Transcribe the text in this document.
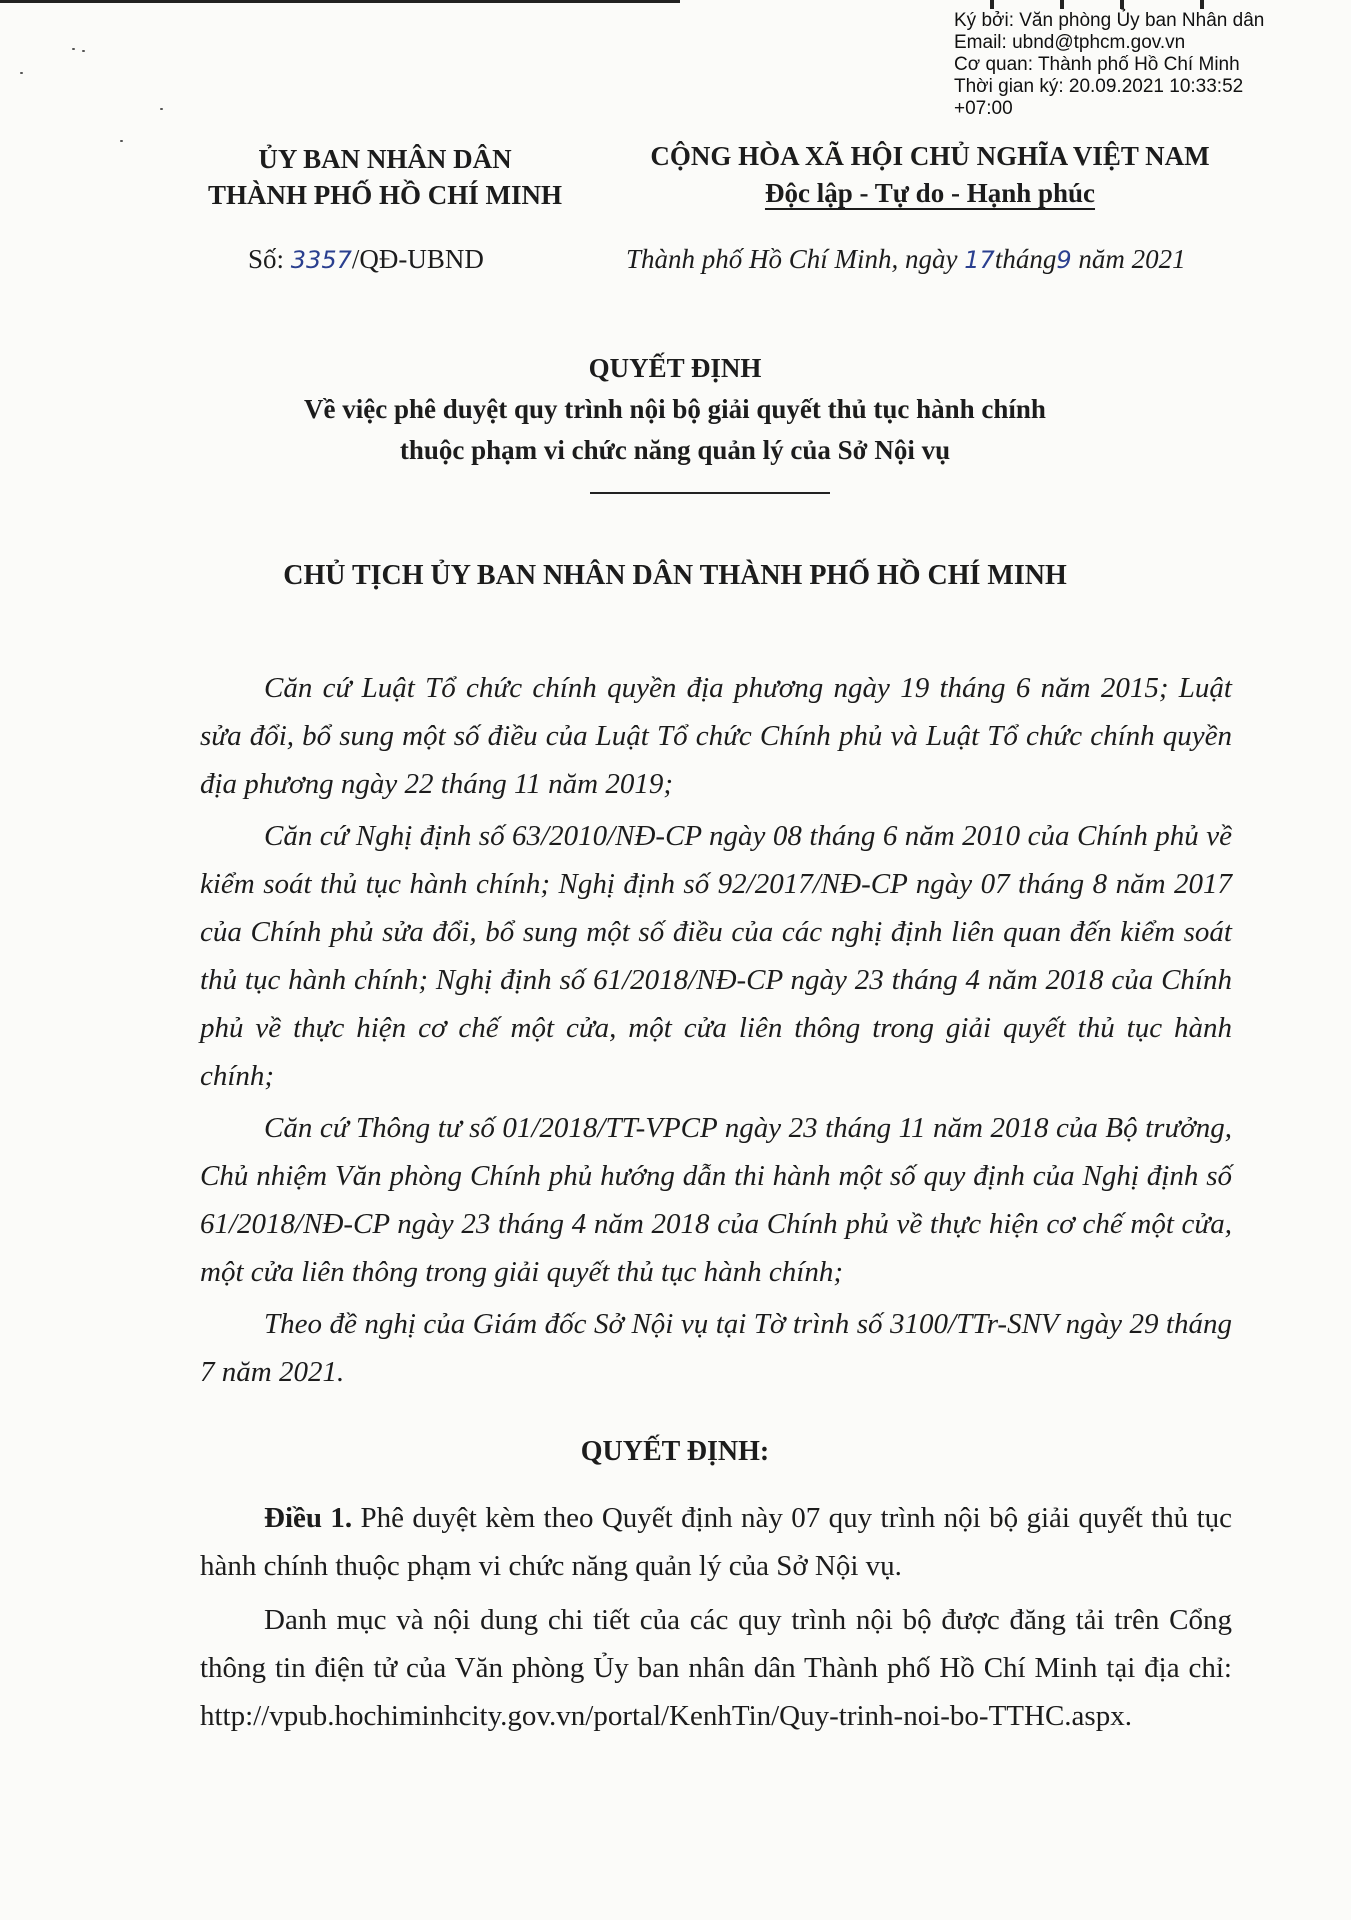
Ký bởi: Văn phòng Ủy ban Nhân dân
Email: ubnd@tphcm.gov.vn
Cơ quan: Thành phố Hồ Chí Minh
Thời gian ký: 20.09.2021 10:33:52
+07:00
ỦY BAN NHÂN DÂN
THÀNH PHỐ HỒ CHÍ MINH
CỘNG HÒA XÃ HỘI CHỦ NGHĨA VIỆT NAM
Độc lập - Tự do - Hạnh phúc
Số: 3357/QĐ-UBND	Thành phố Hồ Chí Minh, ngày 17tháng9 năm 2021
QUYẾT ĐỊNH
Về việc phê duyệt quy trình nội bộ giải quyết thủ tục hành chính
thuộc phạm vi chức năng quản lý của Sở Nội vụ
CHỦ TỊCH ỦY BAN NHÂN DÂN THÀNH PHỐ HỒ CHÍ MINH

Căn cứ Luật Tổ chức chính quyền địa phương ngày 19 tháng 6 năm 2015; Luật sửa đổi, bổ sung một số điều của Luật Tổ chức Chính phủ và Luật Tổ chức chính quyền địa phương ngày 22 tháng 11 năm 2019;

Căn cứ Nghị định số 63/2010/NĐ-CP ngày 08 tháng 6 năm 2010 của Chính phủ về kiểm soát thủ tục hành chính; Nghị định số 92/2017/NĐ-CP ngày 07 tháng 8 năm 2017 của Chính phủ sửa đổi, bổ sung một số điều của các nghị định liên quan đến kiểm soát thủ tục hành chính; Nghị định số 61/2018/NĐ-CP ngày 23 tháng 4 năm 2018 của Chính phủ về thực hiện cơ chế một cửa, một cửa liên thông trong giải quyết thủ tục hành chính;

Căn cứ Thông tư số 01/2018/TT-VPCP ngày 23 tháng 11 năm 2018 của Bộ trưởng, Chủ nhiệm Văn phòng Chính phủ hướng dẫn thi hành một số quy định của Nghị định số 61/2018/NĐ-CP ngày 23 tháng 4 năm 2018 của Chính phủ về thực hiện cơ chế một cửa, một cửa liên thông trong giải quyết thủ tục hành chính;

Theo đề nghị của Giám đốc Sở Nội vụ tại Tờ trình số 3100/TTr-SNV ngày 29 tháng 7 năm 2021.

QUYẾT ĐỊNH:

Điều 1. Phê duyệt kèm theo Quyết định này 07 quy trình nội bộ giải quyết thủ tục hành chính thuộc phạm vi chức năng quản lý của Sở Nội vụ.

Danh mục và nội dung chi tiết của các quy trình nội bộ được đăng tải trên Cổng thông tin điện tử của Văn phòng Ủy ban nhân dân Thành phố Hồ Chí Minh tại địa chỉ: http://vpub.hochiminhcity.gov.vn/portal/KenhTin/Quy-trinh-noi-bo-TTHC.aspx.
